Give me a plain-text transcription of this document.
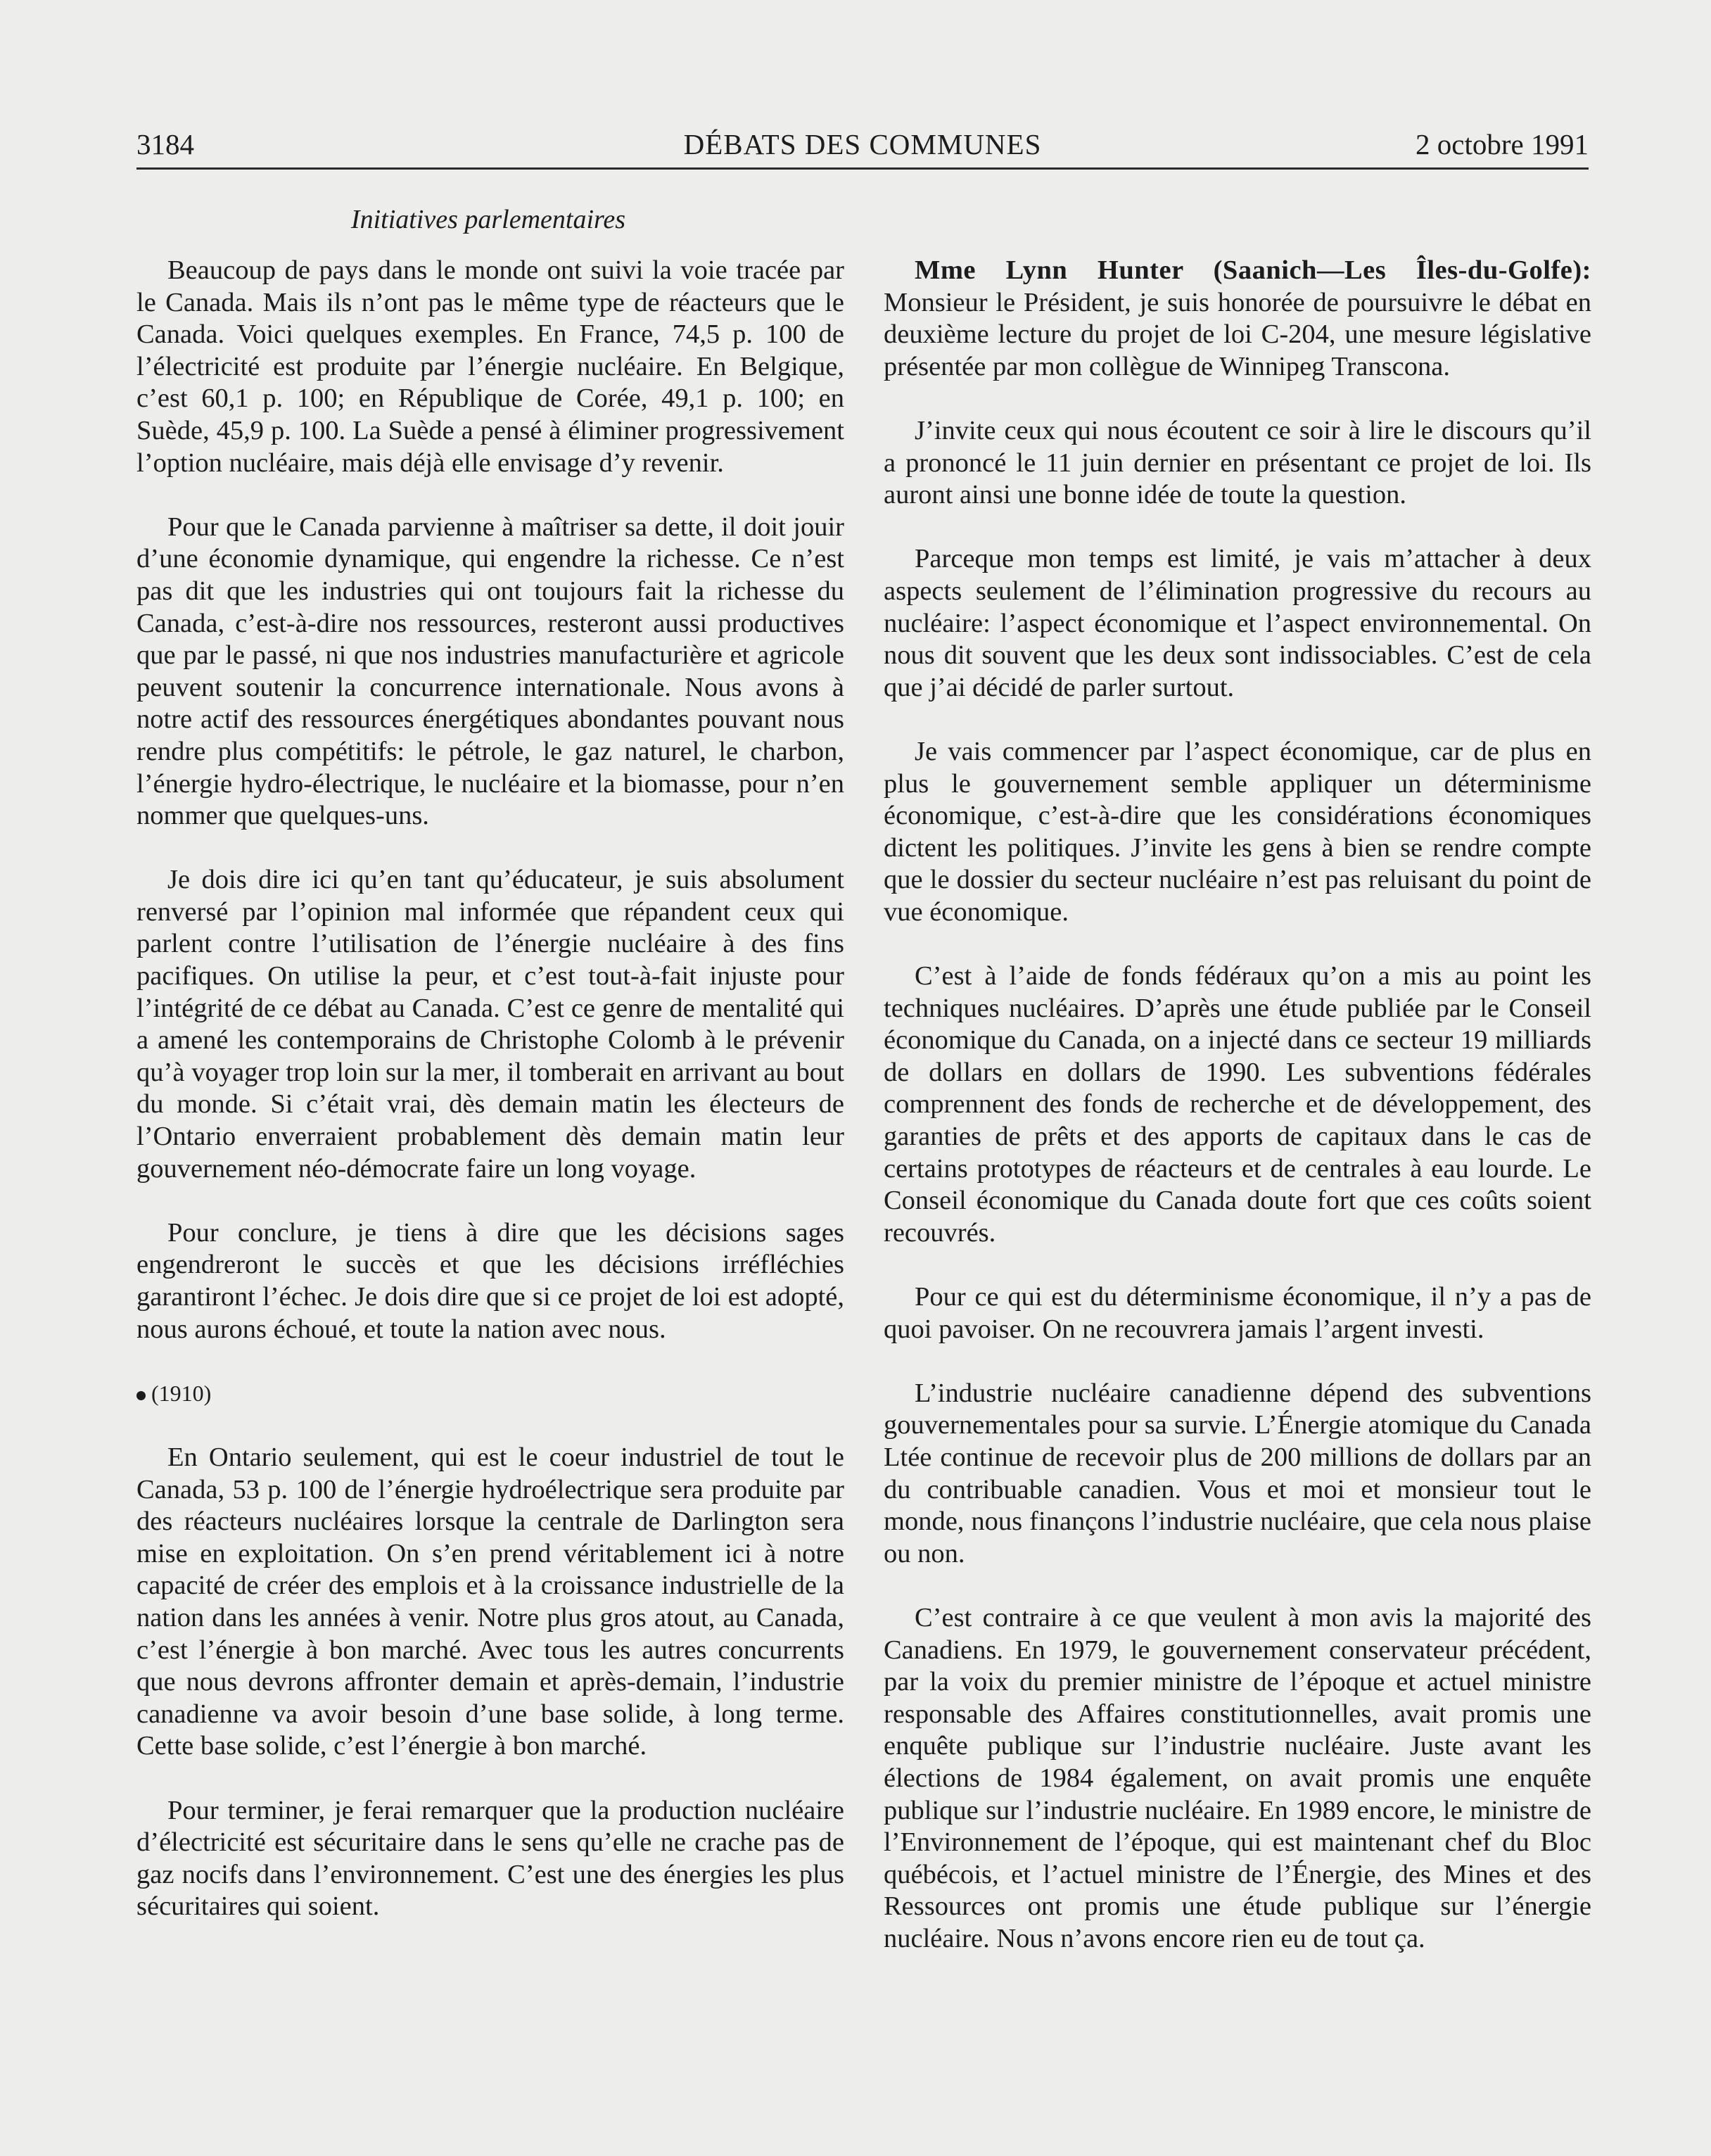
3184	DÉBATS DES COMMUNES	2 octobre 1991
Initiatives parlementaires

Beaucoup de pays dans le monde ont suivi la voie tracée par le Canada. Mais ils n’ont pas le même type de réacteurs que le Canada. Voici quelques exemples. En France, 74,5 p. 100 de l’électricité est produite par l’énergie nucléaire. En Belgique, c’est 60,1 p. 100; en République de Corée, 49,1 p. 100; en Suède, 45,9 p. 100. La Suède a pensé à éliminer progressivement l’option nucléaire, mais déjà elle envisage d’y revenir.

Pour que le Canada parvienne à maîtriser sa dette, il doit jouir d’une économie dynamique, qui engendre la richesse. Ce n’est pas dit que les industries qui ont toujours fait la richesse du Canada, c’est-à-dire nos ressources, resteront aussi productives que par le passé, ni que nos industries manufacturière et agricole peuvent soutenir la concurrence internationale. Nous avons à notre actif des ressources énergétiques abondantes pouvant nous rendre plus compétitifs: le pétrole, le gaz naturel, le charbon, l’énergie hydro-électrique, le nucléaire et la biomasse, pour n’en nommer que quelques-uns.

Je dois dire ici qu’en tant qu’éducateur, je suis absolument renversé par l’opinion mal informée que répandent ceux qui parlent contre l’utilisation de l’énergie nucléaire à des fins pacifiques. On utilise la peur, et c’est tout-à-fait injuste pour l’intégrité de ce débat au Canada. C’est ce genre de mentalité qui a amené les contemporains de Christophe Colomb à le prévenir qu’à voyager trop loin sur la mer, il tomberait en arrivant au bout du monde. Si c’était vrai, dès demain matin les électeurs de l’Ontario enverraient probablement dès demain matin leur gouvernement néo-démocrate faire un long voyage.

Pour conclure, je tiens à dire que les décisions sages engendreront le succès et que les décisions irréfléchies garantiront l’échec. Je dois dire que si ce projet de loi est adopté, nous aurons échoué, et toute la nation avec nous.

(1910)

En Ontario seulement, qui est le coeur industriel de tout le Canada, 53 p. 100 de l’énergie hydroélectrique sera produite par des réacteurs nucléaires lorsque la centrale de Darlington sera mise en exploitation. On s’en prend véritablement ici à notre capacité de créer des emplois et à la croissance industrielle de la nation dans les années à venir. Notre plus gros atout, au Canada, c’est l’énergie à bon marché. Avec tous les autres concurrents que nous devrons affronter demain et après-demain, l’industrie canadienne va avoir besoin d’une base solide, à long terme. Cette base solide, c’est l’énergie à bon marché.

Pour terminer, je ferai remarquer que la production nucléaire d’électricité est sécuritaire dans le sens qu’elle ne crache pas de gaz nocifs dans l’environnement. C’est une des énergies les plus sécuritaires qui soient.

Mme Lynn Hunter (Saanich—Les Îles-du-Golfe): Monsieur le Président, je suis honorée de poursuivre le débat en deuxième lecture du projet de loi C-204, une mesure législative présentée par mon collègue de Winnipeg Transcona.

J’invite ceux qui nous écoutent ce soir à lire le discours qu’il a prononcé le 11 juin dernier en présentant ce projet de loi. Ils auront ainsi une bonne idée de toute la question.

Parceque mon temps est limité, je vais m’attacher à deux aspects seulement de l’élimination progressive du recours au nucléaire: l’aspect économique et l’aspect environnemental. On nous dit souvent que les deux sont indissociables. C’est de cela que j’ai décidé de parler surtout.

Je vais commencer par l’aspect économique, car de plus en plus le gouvernement semble appliquer un déterminisme économique, c’est-à-dire que les considérations économiques dictent les politiques. J’invite les gens à bien se rendre compte que le dossier du secteur nucléaire n’est pas reluisant du point de vue économique.

C’est à l’aide de fonds fédéraux qu’on a mis au point les techniques nucléaires. D’après une étude publiée par le Conseil économique du Canada, on a injecté dans ce secteur 19 milliards de dollars en dollars de 1990. Les subventions fédérales comprennent des fonds de recherche et de développement, des garanties de prêts et des apports de capitaux dans le cas de certains prototypes de réacteurs et de centrales à eau lourde. Le Conseil économique du Canada doute fort que ces coûts soient recouvrés.

Pour ce qui est du déterminisme économique, il n’y a pas de quoi pavoiser. On ne recouvrera jamais l’argent investi.

L’industrie nucléaire canadienne dépend des subventions gouvernementales pour sa survie. L’Énergie atomique du Canada Ltée continue de recevoir plus de 200 millions de dollars par an du contribuable canadien. Vous et moi et monsieur tout le monde, nous finançons l’industrie nucléaire, que cela nous plaise ou non.

C’est contraire à ce que veulent à mon avis la majorité des Canadiens. En 1979, le gouvernement conservateur précédent, par la voix du premier ministre de l’époque et actuel ministre responsable des Affaires constitutionnelles, avait promis une enquête publique sur l’industrie nucléaire. Juste avant les élections de 1984 également, on avait promis une enquête publique sur l’industrie nucléaire. En 1989 encore, le ministre de l’Environnement de l’époque, qui est maintenant chef du Bloc québécois, et l’actuel ministre de l’Énergie, des Mines et des Ressources ont promis une étude publique sur l’énergie nucléaire. Nous n’avons encore rien eu de tout ça.
